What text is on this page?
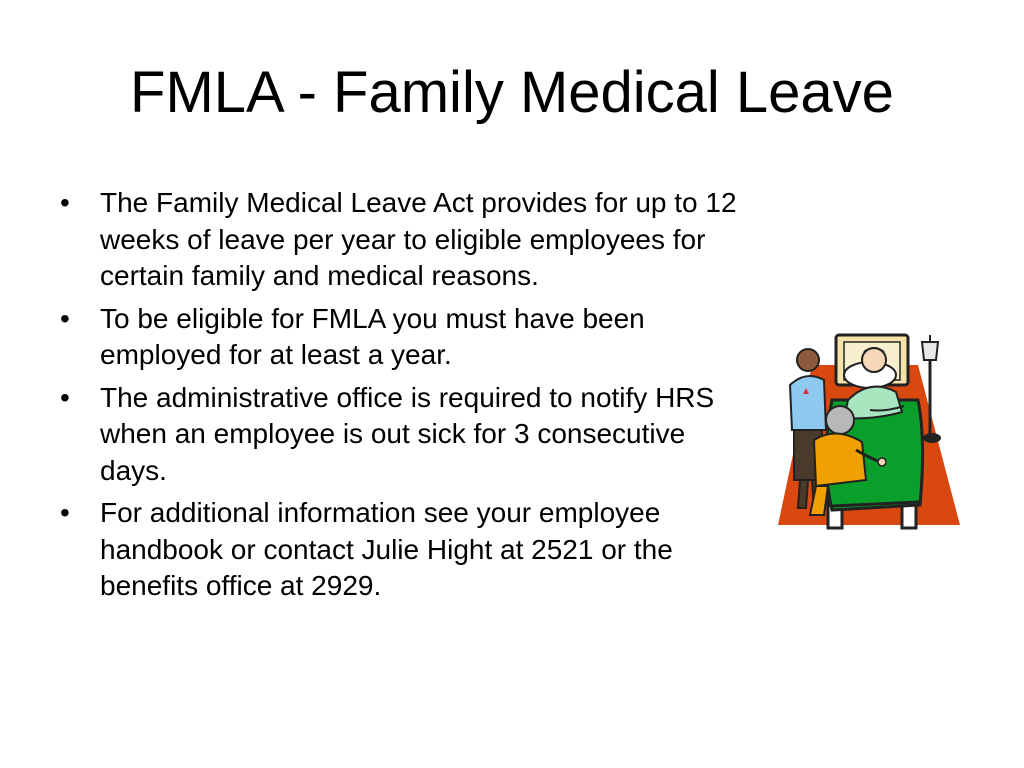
FMLA - Family Medical Leave
• The Family Medical Leave Act provides for up to 12 weeks of leave per year to eligible employees for certain family and medical reasons.
• To be eligible for FMLA you must have been employed for at least a year.
• The administrative office is required to notify HRS when an employee is out sick for 3 consecutive days.
• For additional information see your employee handbook or contact Julie Hight at 2521 or the benefits office at 2929.
